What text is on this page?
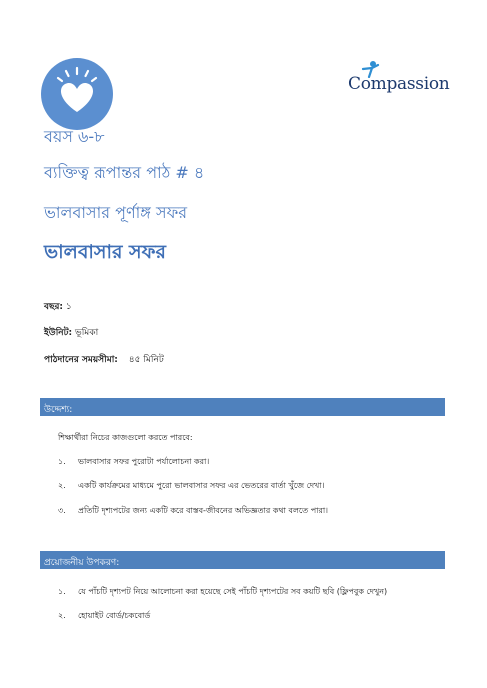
Compassion
বয়স ৬-৮
ব্যক্তিত্ব রূপান্তর পাঠ # ৪
ভালবাসার পূর্ণাঙ্গ সফর
ভালবাসার সফর
বছর: ১
ইউনিট: ভূমিকা
পাঠদানের সময়সীমা: ৪৫ মিনিট
উদ্দেশ্য:
শিক্ষার্থীরা নিচের কাজগুলো করতে পারবে:
১. ভালবাসার সফর পুরোটা পর্যালোচনা করা।
২. একটি কার্যক্রমের মাধ্যমে পুরো ভালবাসার সফর এর ভেতরের বার্তা খুঁজে দেখা।
৩. প্রতিটি দৃশ্যপটের জন্য একটি করে বাস্তব-জীবনের অভিজ্ঞতার কথা বলতে পারা।
প্রয়োজনীয় উপকরণ:
১. যে পাঁচটি দৃশ্যপট নিয়ে আলোচনা করা হয়েছে সেই পাঁচটি দৃশ্যপটের সব কয়টি ছবি (ফ্লিপবুক দেখুন)
২. হোয়াইট বোর্ড/চকবোর্ড
